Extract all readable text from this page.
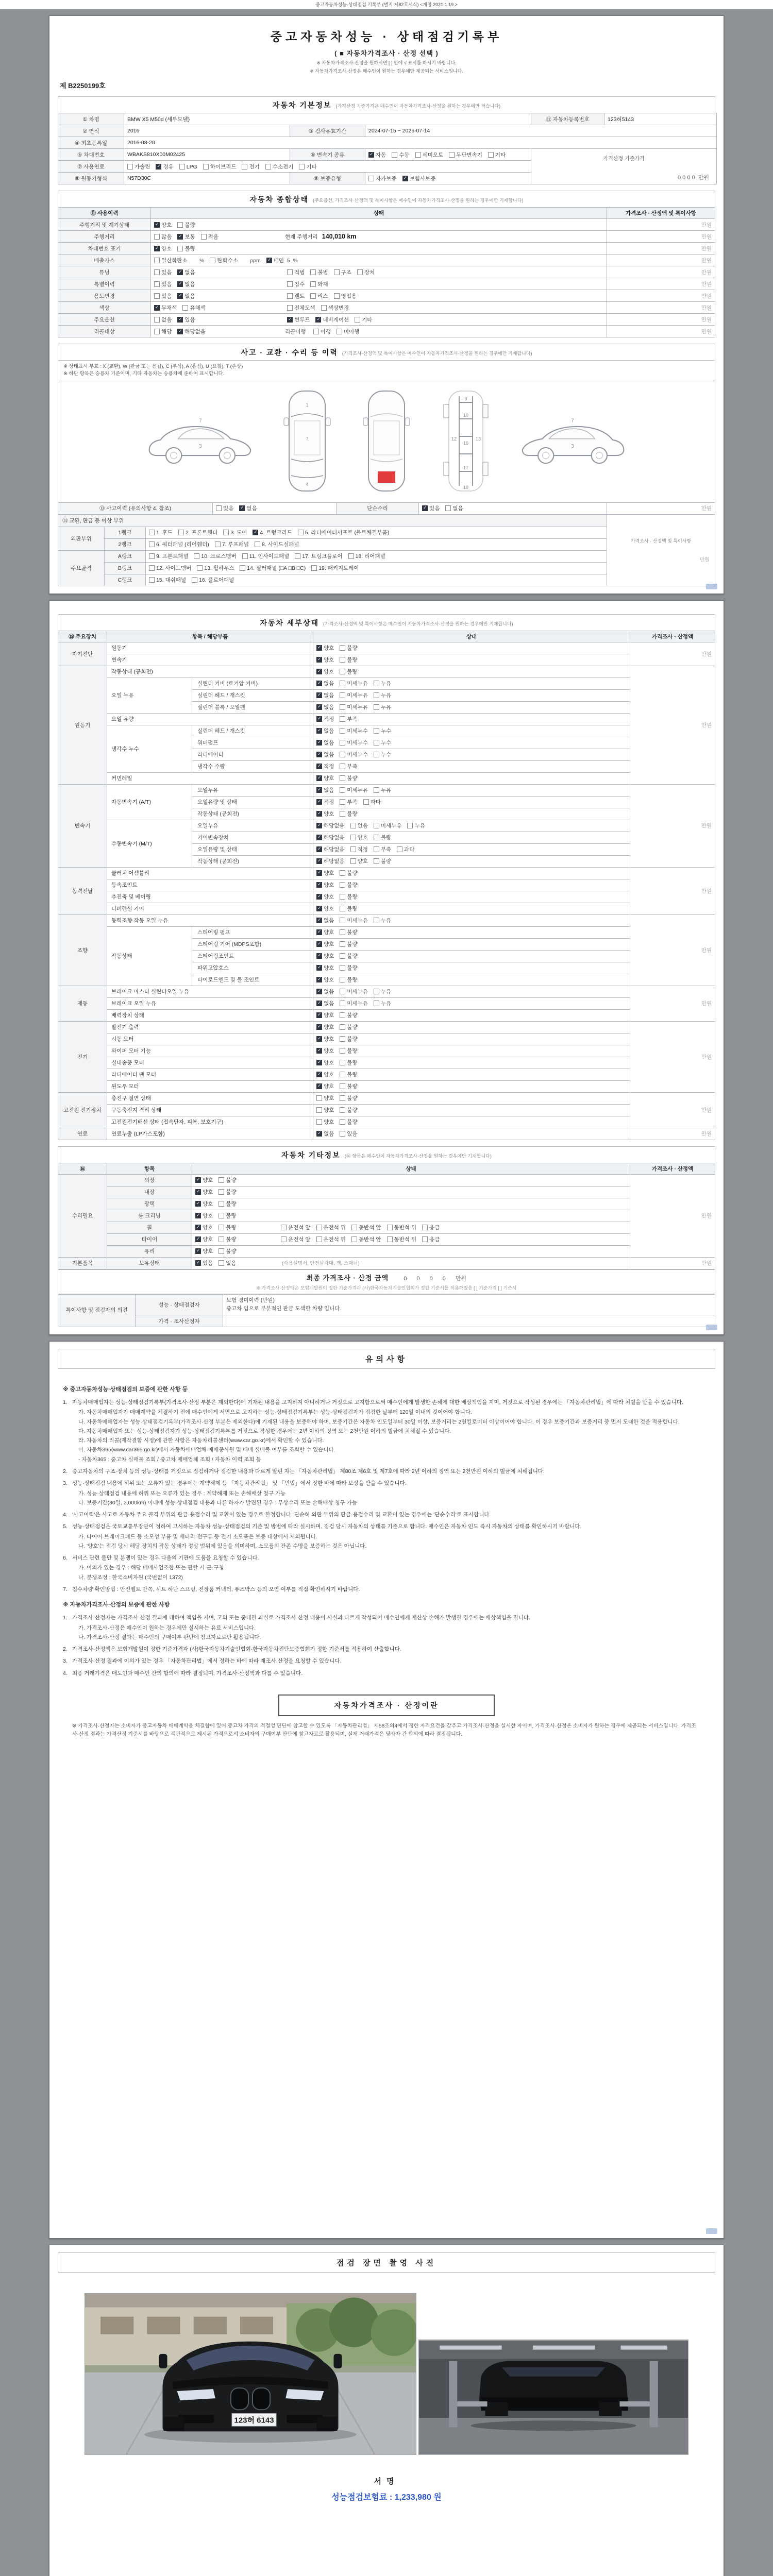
중고자동차성능·상태점검 기록부 (별지 제82호서식) <개정 2021.1.19.>
중고자동차성능 · 상태점검기록부
( ■ 자동차가격조사 · 산정 선택 )
※ 자동차가격조사·산정을 원하시면 [ ] 안에 √ 표시를 하시기 바랍니다.
※ 자동차가격조사·산정은 매수인이 원하는 경우에만 제공되는 서비스입니다.
제 B2250199호
자동차 기본정보 (가격산정 기준가격은 매수인이 자동차가격조사·산정을 원하는 경우에만 적습니다)
① 차명	BMW X5 M50d (세부모델)			⑫ 자동차등록번호	123허5143
② 연식	2016	③ 검사유효기간	2024-07-15 ~ 2026-07-14		
④ 최초등록일	2016-08-20				
⑤ 차대번호	WBAKS810X00M02425	⑥ 변속기 종류	✓자동 수동 세미오토 무단변속기 기타	가격산정 기준가격
0 0 0 0 만원	

⑦ 사용연료	가솔린 ✓ 경유 LPG 하이브리드 전기 수소전기 기타
⑧ 원동기형식	N57D30C	⑨ 보증유형	자가보증 ✓ 보험사보증
자동차 종합상태 (주요옵션, 가격조사·산정액 및 특이사항은 매수인이 자동차가격조사·산정을 원하는 경우에만 기재합니다)
⑪ 사용이력	상태	가격조사 · 산정액 및 특이사항
주행거리 및 계기상태	✓양호 불량	만원
주행거리	많음 ✓ 보통 적음 현재 주행거리 140,010 km	만원
차대번호 표기	✓양호 불량	만원
배출가스	일산화탄소        % 탄화수소        ppm ✓ 매연  5  %	만원
튜닝	있음 ✓ 없음 적법 불법 구조 장치	만원
특별이력	있음 ✓ 없음 침수 화재	만원
용도변경	있음 ✓ 없음 렌트 리스 영업용	만원
색상	✓무채색 유채색 전체도색 색상변경	만원
주요옵션	없음 ✓ 있음 ✓ 썬루프 ✓ 네비게이션 기타	만원
리콜대상	해당 ✓ 해당없음 리콜이행 이행 미이행	만원
사고 · 교환 · 수리 등 이력 (가격조사·산정액 및 특이사항은 매수인이 자동차가격조사·산정을 원하는 경우에만 기재합니다)
※ 상태표시 부호 : X (교환), W (판금 또는 용접), C (부식), A (흠집), U (요철), T (손상)
※ 하단 항목은 승용차 기준이며, 기타 자동차는 승용차에 준하여 표시합니다.
7
3
1
7
4
9
10
16
17
18
12	13
7
3
⑬ 사고이력 (유의사항 4. 참조)	있음 ✓ 없음	단순수리	✓있음 없음	만원
⑭ 교환, 판금 등 이상 부위			가격조사 · 산정액 및 특이사항
만원

외판부위	1랭크	1. 후드 2. 프론트휀더 3. 도어 ✓ 4. 트렁크리드 5. 라디에이터서포트 (볼트체결부품)
	2랭크	6. 쿼터패널 (리어휀더) 7. 루프패널 8. 사이드실패널	
주요골격	A랭크	9. 프론트패널 10. 크로스멤버 11. 인사이드패널 17. 트렁크플로어 18. 리어패널	
	B랭크	12. 사이드멤버 13. 휠하우스 14. 필러패널 (□A □B □C) 19. 패키지트레이	
	C랭크	15. 대쉬패널 16. 플로어패널	
자동차 세부상태 (가격조사·산정액 및 특이사항은 매수인이 자동차가격조사·산정을 원하는 경우에만 기재합니다)
⑮ 주요장치	항목 / 해당부품		상태	가격조사 · 산정액
자기진단	원동기	✓양호 불량	만원
	변속기	✓양호 불량
원동기	작동상태 (공회전)	✓양호 불량	만원
	오일 누유	실린더 커버 (로커암 커버)	✓없음 미세누유 누유
		실린더 헤드 / 개스킷	✓없음 미세누유 누유
		실린더 블록 / 오일팬	✓없음 미세누유 누유
	오일 유량	✓적정 부족
	냉각수 누수	실린더 헤드 / 개스킷	✓없음 미세누수 누수
		워터펌프	✓없음 미세누수 누수
		라디에이터	✓없음 미세누수 누수
		냉각수 수량	✓적정 부족
	커먼레일	✓양호 불량
변속기	자동변속기 (A/T)	오일누유	✓없음 미세누유 누유	만원
		오일유량 및 상태	✓적정 부족 과다
		작동상태 (공회전)	✓양호 불량
	수동변속기 (M/T)	오일누유	✓해당없음 없음 미세누유 누유
		기어변속장치	✓해당없음 양호 불량
		오일유량 및 상태	✓해당없음 적정 부족 과다
		작동상태 (공회전)	✓해당없음 양호 불량
동력전달	클러치 어셈블리	✓양호 불량	만원
	등속조인트	✓양호 불량
	추진축 및 베어링	✓양호 불량
	디퍼렌셜 기어	✓양호 불량
조향	동력조향 작동 오일 누유	✓없음 미세누유 누유	만원
	작동상태	스티어링 펌프	✓양호 불량
		스티어링 기어 (MDPS포함)	✓양호 불량
		스티어링조인트	✓양호 불량
		파워고압호스	✓양호 불량
		타이로드엔드 및 볼 조인트	✓양호 불량
제동	브레이크 마스터 실린더오일 누유	✓없음 미세누유 누유	만원
	브레이크 오일 누유	✓없음 미세누유 누유
	배력장치 상태	✓양호 불량
전기	발전기 출력	✓양호 불량	만원
	시동 모터	✓양호 불량
	와이퍼 모터 기능	✓양호 불량
	실내송풍 모터	✓양호 불량
	라디에이터 팬 모터	✓양호 불량
	윈도우 모터	✓양호 불량
고전원 전기장치	충전구 절연 상태		양호 불량	만원
	구동축전지 격리 상태		양호 불량	
	고전원전기배선 상태 (접속단자, 피복, 보호기구)		양호 불량	
연료	연료누출 (LP가스포함)	✓없음 있음	만원
자동차 기타정보 (⑯ 항목은 매수인이 자동차가격조사·산정을 원하는 경우에만 기재합니다)
⑯	항목	상태	가격조사 · 산정액
수리필요	외장	✓양호 불량	만원
	내장	✓양호 불량
	광택	✓양호 불량
	룸 크리닝	✓양호 불량
	휠	✓양호 불량 운전석 앞 운전석 뒤 동반석 앞 동반석 뒤 응급
	타이어	✓양호 불량 운전석 앞 운전석 뒤 동반석 앞 동반석 뒤 응급
	유리	✓양호 불량
기본품목	보유상태	✓있음 없음 (사용설명서, 안전삼각대, 잭, 스패너)	만원
최종 가격조사 · 산정 금액	0 0 0 0 만원
※ 가격조사·산정액은 보험개발원이 정한 기준가격과 (사)한국자동차기술인협회가 정한 기준서를 적용하였음 [ ] 기준가격 [ ] 기준서
특이사항 및 점검자의 의견	성능 · 상태점검자	보험 경미이력 (만원)
중고차 임으로 부분적인 판금 도색한 차량 입니다.

	가격 · 조사산정자	
유의사항
※ 중고자동차성능·상태점검의 보증에 관한 사항 등
1. 자동차매매업자는 성능·상태점검기록부(가격조사·산정 부분은 제외한다)에 기재된 내용을 고지하지 아니하거나 거짓으로 고지함으로써 매수인에게 발생한 손해에 대한 배상책임을 지며, 거짓으로 작성된 경우에는 「자동차관리법」에 따라 처벌을 받을 수 있습니다.
가. 자동차매매업자가 매매계약을 체결하기 전에 매수인에게 서면으로 고지하는 성능·상태점검기록부는 성능·상태점검자가 점검한 날부터 120일 이내의 것이어야 합니다.
나. 자동차매매업자는 성능·상태점검기록부(가격조사·산정 부분은 제외한다)에 기재된 내용을 보증해야 하며, 보증기간은 자동차 인도일부터 30일 이상, 보증거리는 2천킬로미터 이상이어야 합니다. 이 경우 보증기간과 보증거리 중 먼저 도래한 것을 적용합니다.
다. 자동차매매업자 또는 성능·상태점검자가 성능·상태점검기록부를 거짓으로 작성한 경우에는 2년 이하의 징역 또는 2천만원 이하의 벌금에 처해질 수 있습니다.
라. 자동차의 리콜(제작결함 시정)에 관한 사항은 자동차리콜센터(www.car.go.kr)에서 확인할 수 있습니다.
마. 자동차365(www.car365.go.kr)에서 자동차매매업체·매매종사원 및 매매 실매물 여부를 조회할 수 있습니다.
- 자동차365 : 중고차 실매물 조회 / 중고차 매매업체 조회 / 자동차 이력 조회 등
2. 중고자동차의 구조·장치 등의 성능·상태를 거짓으로 점검하거나 점검한 내용과 다르게 알린 자는 「자동차관리법」 제80조 제6호 및 제7호에 따라 2년 이하의 징역 또는 2천만원 이하의 벌금에 처해집니다.
3. 성능·상태점검 내용에 허위 또는 오류가 있는 경우에는 계약해제 등 「자동차관리법」 및 「민법」에서 정한 바에 따라 보상을 받을 수 있습니다.
가. 성능·상태점검 내용에 허위 또는 오류가 있는 경우 : 계약해제 또는 손해배상 청구 가능
나. 보증기간(30일, 2,000km) 이내에 성능·상태점검 내용과 다른 하자가 발견된 경우 : 무상수리 또는 손해배상 청구 가능
4. '사고이력'은 사고로 자동차 주요 골격 부위의 판금·용접수리 및 교환이 있는 경우로 한정합니다. 단순히 외판 부위의 판금·용접수리 및 교환이 있는 경우에는 '단순수리'로 표시합니다.
5. 성능·상태점검은 국토교통부장관이 정하여 고시하는 자동차 성능·상태점검의 기준 및 방법에 따라 실시하며, 점검 당시 자동차의 상태를 기준으로 합니다. 매수인은 자동차 인도 즉시 자동차의 상태를 확인하시기 바랍니다.
가. 타이어·브레이크패드 등 소모성 부품 및 배터리·전구류 등 전기 소모품은 보증 대상에서 제외됩니다.
나. '양호'는 점검 당시 해당 장치의 작동 상태가 정상 범위에 있음을 의미하며, 소모품의 잔존 수명을 보증하는 것은 아닙니다.
6. 서비스 관련 불만 및 분쟁이 있는 경우 다음의 기관에 도움을 요청할 수 있습니다.
가. 이의가 있는 경우 : 해당 매매사업조합 또는 관할 시·군·구청
나. 분쟁조정 : 한국소비자원 (국번없이 1372)
7. 침수차량 확인방법 : 안전벨트 안쪽, 시트 하단 스프링, 전장품 커넥터, 퓨즈박스 등의 오염 여부를 직접 확인하시기 바랍니다.
※ 자동차가격조사·산정의 보증에 관한 사항
1. 가격조사·산정자는 가격조사·산정 결과에 대하여 책임을 지며, 고의 또는 중대한 과실로 가격조사·산정 내용이 사실과 다르게 작성되어 매수인에게 재산상 손해가 발생한 경우에는 배상책임을 집니다.
가. 가격조사·산정은 매수인이 원하는 경우에만 실시하는 유료 서비스입니다.
나. 가격조사·산정 결과는 매수인의 구매여부 판단에 참고자료로만 활용됩니다.
2. 가격조사·산정액은 보험개발원이 정한 기준가격과 (사)한국자동차기술인협회·한국자동차진단보증협회가 정한 기준서를 적용하여 산출합니다.
3. 가격조사·산정 결과에 이의가 있는 경우 「자동차관리법」에서 정하는 바에 따라 재조사·산정을 요청할 수 있습니다.
4. 최종 거래가격은 매도인과 매수인 간의 합의에 따라 결정되며, 가격조사·산정액과 다를 수 있습니다.
자동차가격조사 · 산정이란
※ 가격조사·산정자는 소비자가 중고자동차 매매계약을 체결함에 있어 중고차 가격의 적절성 판단에 참고할 수 있도록 「자동차관리법」 제58조의4에서 정한 자격요건을 갖추고 가격조사·산정을 실시한 자이며, 가격조사·산정은 소비자가 원하는 경우에 제공되는 서비스입니다. 가격조사·산정 결과는 가격산정 기준서를 바탕으로 객관적으로 제시된 가격으로서 소비자의 구매여부 판단에 참고자료로 활용되며, 실제 거래가격은 당사자 간 합의에 따라 결정됩니다.
점검 장면 촬영 사진
123허 6143

서명
성능점검보험료 : 1,233,980 원
